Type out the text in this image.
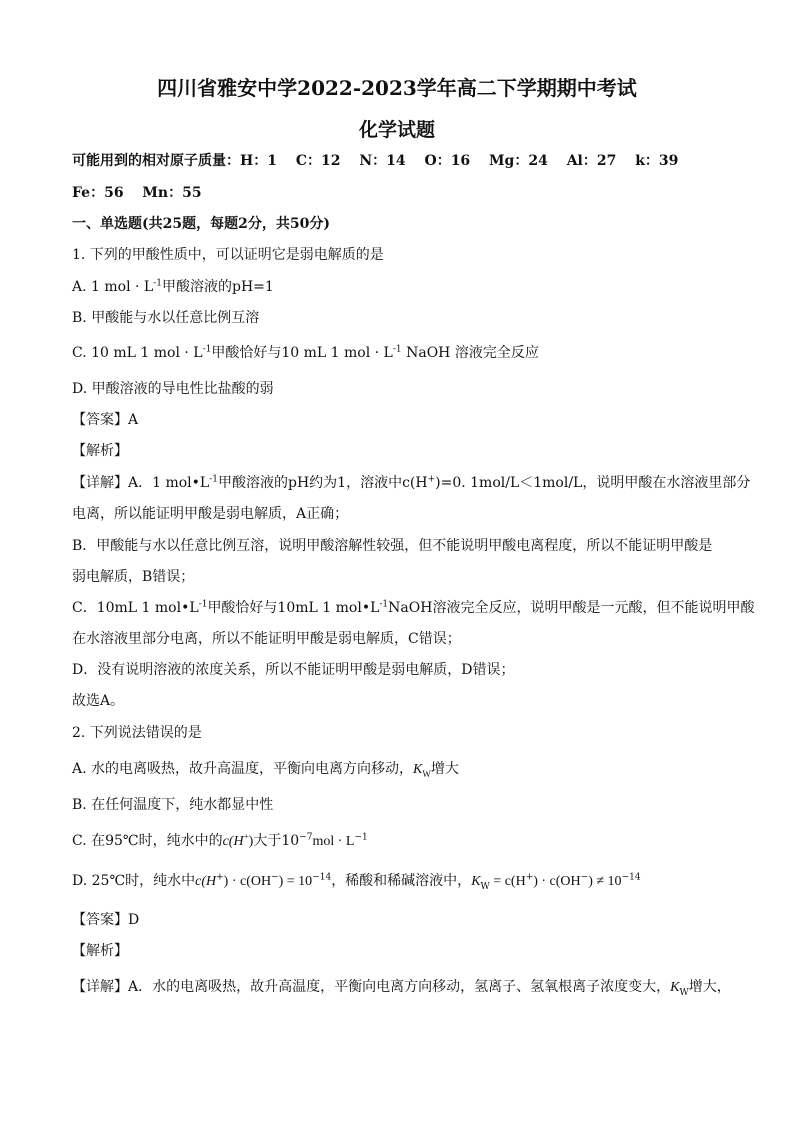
四川省雅安中学2022-2023学年高二下学期期中考试
化学试题
可能用到的相对原子质量：H：1　 C：12　 N：14　 O：16　 Mg：24　 Al：27　 k：39
Fe：56　 Mn：55
一、单选题(共25题，每题2分，共50分)
1. 下列的甲酸性质中，可以证明它是弱电解质的是
A. 1 mol · $L^{-1}$甲酸溶液的pH=1
B. 甲酸能与水以任意比例互溶
C. 10 mL 1 mol · $L^{-1}$甲酸恰好与10 mL 1 mol · $L^{-1}$ NaOH 溶液完全反应
D. 甲酸溶液的导电性比盐酸的弱
【答案】A
【解析】
【详解】A．1 $mol•L^{-1}$甲酸溶液的pH约为1，溶液中c(H+)=0. 1mol/L＜1mol/L，说明甲酸在水溶液里部分
电离，所以能证明甲酸是弱电解质，A正确；
B．甲酸能与水以任意比例互溶，说明甲酸溶解性较强，但不能说明甲酸电离程度，所以不能证明甲酸是
弱电解质，B错误；
C．10mL 1 $mol•L^{-1}$甲酸恰好与10mL 1 $mol•L^{-1}NaOH$溶液完全反应，说明甲酸是一元酸，但不能说明甲酸
在水溶液里部分电离，所以不能证明甲酸是弱电解质，C错误；
D．没有说明溶液的浓度关系，所以不能证明甲酸是弱电解质，D错误；
故选A。
2. 下列说法错误的是
A. 水的电离吸热，故升高温度，平衡向电离方向移动，$K_W$增大
B. 在任何温度下，纯水都显中性
C. 在95℃时，纯水中的c(H+)大于$10^{-7}mol \cdot L^{-1}$
D. 25℃时，纯水中$c(H^+) \cdot c(OH^-) = 10^{-14}$，稀酸和稀碱溶液中，$K_W = c(H^+) \cdot c(OH^-) \ne 10^{-14}$
【答案】D
【解析】
【详解】A．水的电离吸热，故升高温度，平衡向电离方向移动，氢离子、氢氧根离子浓度变大，$K_W$增大，
